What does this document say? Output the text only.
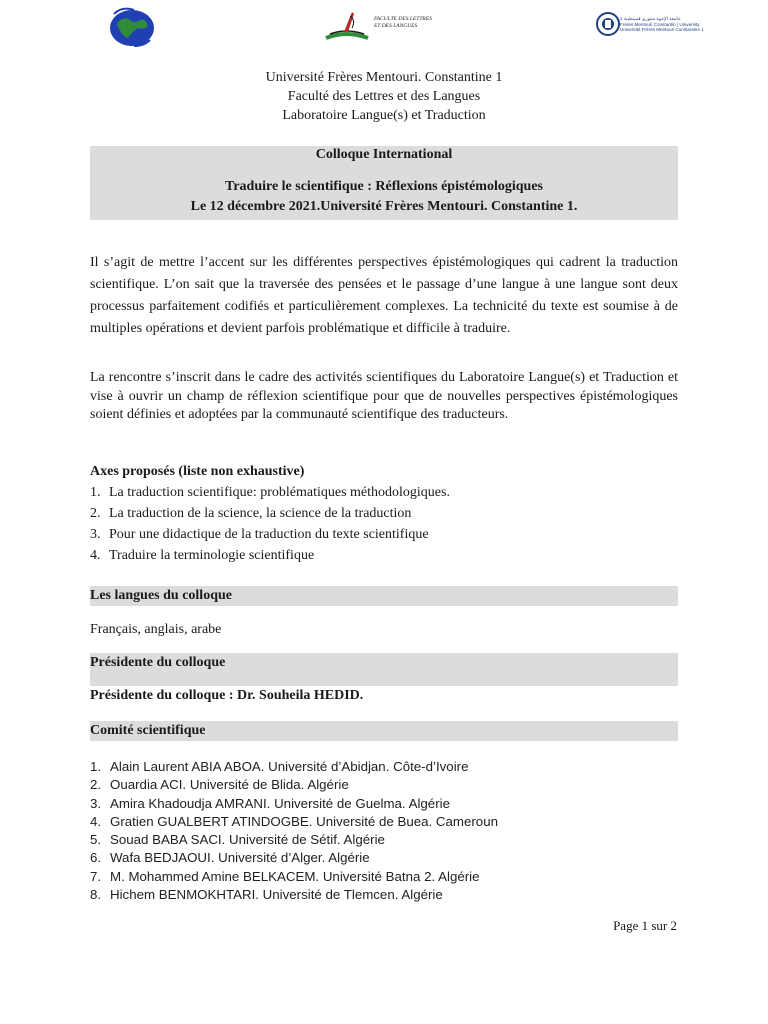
FACULTE DES LETTRES
ET DES LANGUES
جامعة الإخوة منتوري قسنطينة 1
Frères Mentouri Constantin | University
Université Frères Mentouri Constantine 1
Université Frères Mentouri. Constantine 1
Faculté des Lettres et des Langues
Laboratoire Langue(s) et Traduction
Colloque International
Traduire le scientifique : Réflexions épistémologiques
Le 12 décembre 2021.Université Frères Mentouri. Constantine 1.
Il s’agit de mettre l’accent sur les différentes perspectives épistémologiques qui cadrent la traduction scientifique. L’on sait que la traversée des pensées et le passage d’une langue à une langue sont deux processus parfaitement codifiés et particulièrement complexes. La technicité du texte est soumise à de multiples opérations et devient parfois problématique et difficile à traduire.
La rencontre s’inscrit dans le cadre des activités scientifiques du Laboratoire Langue(s) et Traduction et vise à ouvrir un champ de réflexion scientifique pour que de nouvelles perspectives épistémologiques soient définies et adoptées par la communauté scientifique des traducteurs.
Axes proposés (liste non exhaustive)
1. La traduction scientifique: problématiques méthodologiques.
2. La traduction de la science, la science de la traduction
3. Pour une didactique de la traduction du texte scientifique
4. Traduire la terminologie scientifique
Les langues du colloque
Français, anglais, arabe
Présidente du colloque
Présidente du colloque : Dr. Souheila HEDID.
Comité scientifique
1. Alain Laurent ABIA ABOA. Université d’Abidjan. Côte-d’Ivoire
2. Ouardia ACI. Université de Blida. Algérie
3. Amira Khadoudja AMRANI. Université de Guelma. Algérie
4. Gratien GUALBERT ATINDOGBE. Université de Buea. Cameroun
5. Souad BABA SACI. Université de Sétif. Algérie
6. Wafa BEDJAOUI. Université d’Alger. Algérie
7. M. Mohammed Amine BELKACEM. Université Batna 2. Algérie
8. Hichem BENMOKHTARI. Université de Tlemcen. Algérie
Page 1 sur 2
